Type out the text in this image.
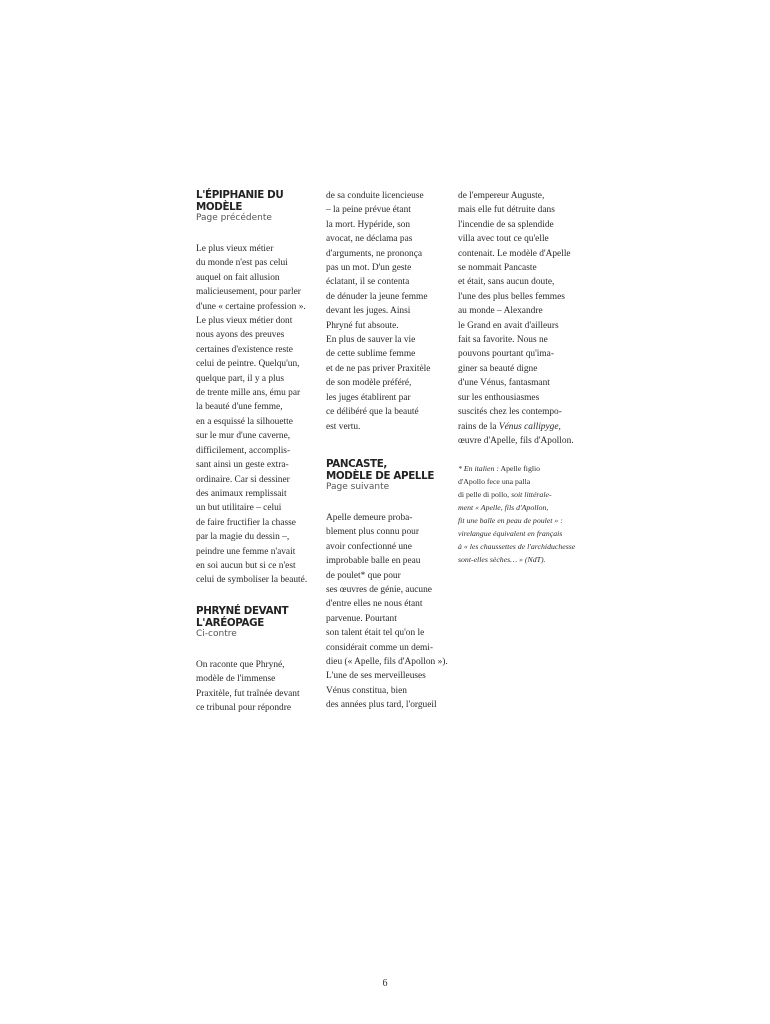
L'ÉPIPHANIE DU MODÈLE

Page précédente

Le plus vieux métier

du monde n'est pas celui

auquel on fait allusion

malicieusement, pour parler

d'une « certaine profession ».

Le plus vieux métier dont

nous ayons des preuves

certaines d'existence reste

celui de peintre. Quelqu'un,

quelque part, il y a plus

de trente mille ans, ému par

la beauté d'une femme,

en a esquissé la silhouette

sur le mur d'une caverne,

difficilement, accomplis-

sant ainsi un geste extra-

ordinaire. Car si dessiner

des animaux remplissait

un but utilitaire – celui

de faire fructifier la chasse

par la magie du dessin –,

peindre une femme n'avait

en soi aucun but si ce n'est

celui de symboliser la beauté.

PHRYNÉ DEVANT
L'ARÉOPAGE

Ci-contre

On raconte que Phryné,

modèle de l'immense

Praxitèle, fut traînée devant

ce tribunal pour répondre

de sa conduite licencieuse

– la peine prévue étant

la mort. Hypéride, son

avocat, ne déclama pas

d'arguments, ne prononça

pas un mot. D'un geste

éclatant, il se contenta

de dénuder la jeune femme

devant les juges. Ainsi

Phryné fut absoute.

En plus de sauver la vie

de cette sublime femme

et de ne pas priver Praxitèle

de son modèle préféré,

les juges établirent par

ce délibéré que la beauté

est vertu.

PANCASTE,
MODÈLE DE APELLE

Page suivante

Apelle demeure proba-

blement plus connu pour

avoir confectionné une

improbable balle en peau

de poulet* que pour

ses œuvres de génie, aucune

d'entre elles ne nous étant

parvenue. Pourtant

son talent était tel qu'on le

considérait comme un demi-

dieu (« Apelle, fils d'Apollon »).

L'une de ses merveilleuses

Vénus constitua, bien

des années plus tard, l'orgueil

de l'empereur Auguste,

mais elle fut détruite dans

l'incendie de sa splendide

villa avec tout ce qu'elle

contenait. Le modèle d'Apelle

se nommait Pancaste

et était, sans aucun doute,

l'une des plus belles femmes

au monde – Alexandre

le Grand en avait d'ailleurs

fait sa favorite. Nous ne

pouvons pourtant qu'ima-

giner sa beauté digne

d'une Vénus, fantasmant

sur les enthousiasmes

suscités chez les contempo-

rains de la Vénus callipyge,

œuvre d'Apelle, fils d'Apollon.

* En italien : Apelle figlio

d'Apollo fece una palla

di pelle di pollo, soit littérale-

ment « Apelle, fils d'Apollon,

fit une balle en peau de poulet » :

virelangue équivalent en français

à « les chaussettes de l'archiduchesse

sont-elles sèches… » (NdT).

6
